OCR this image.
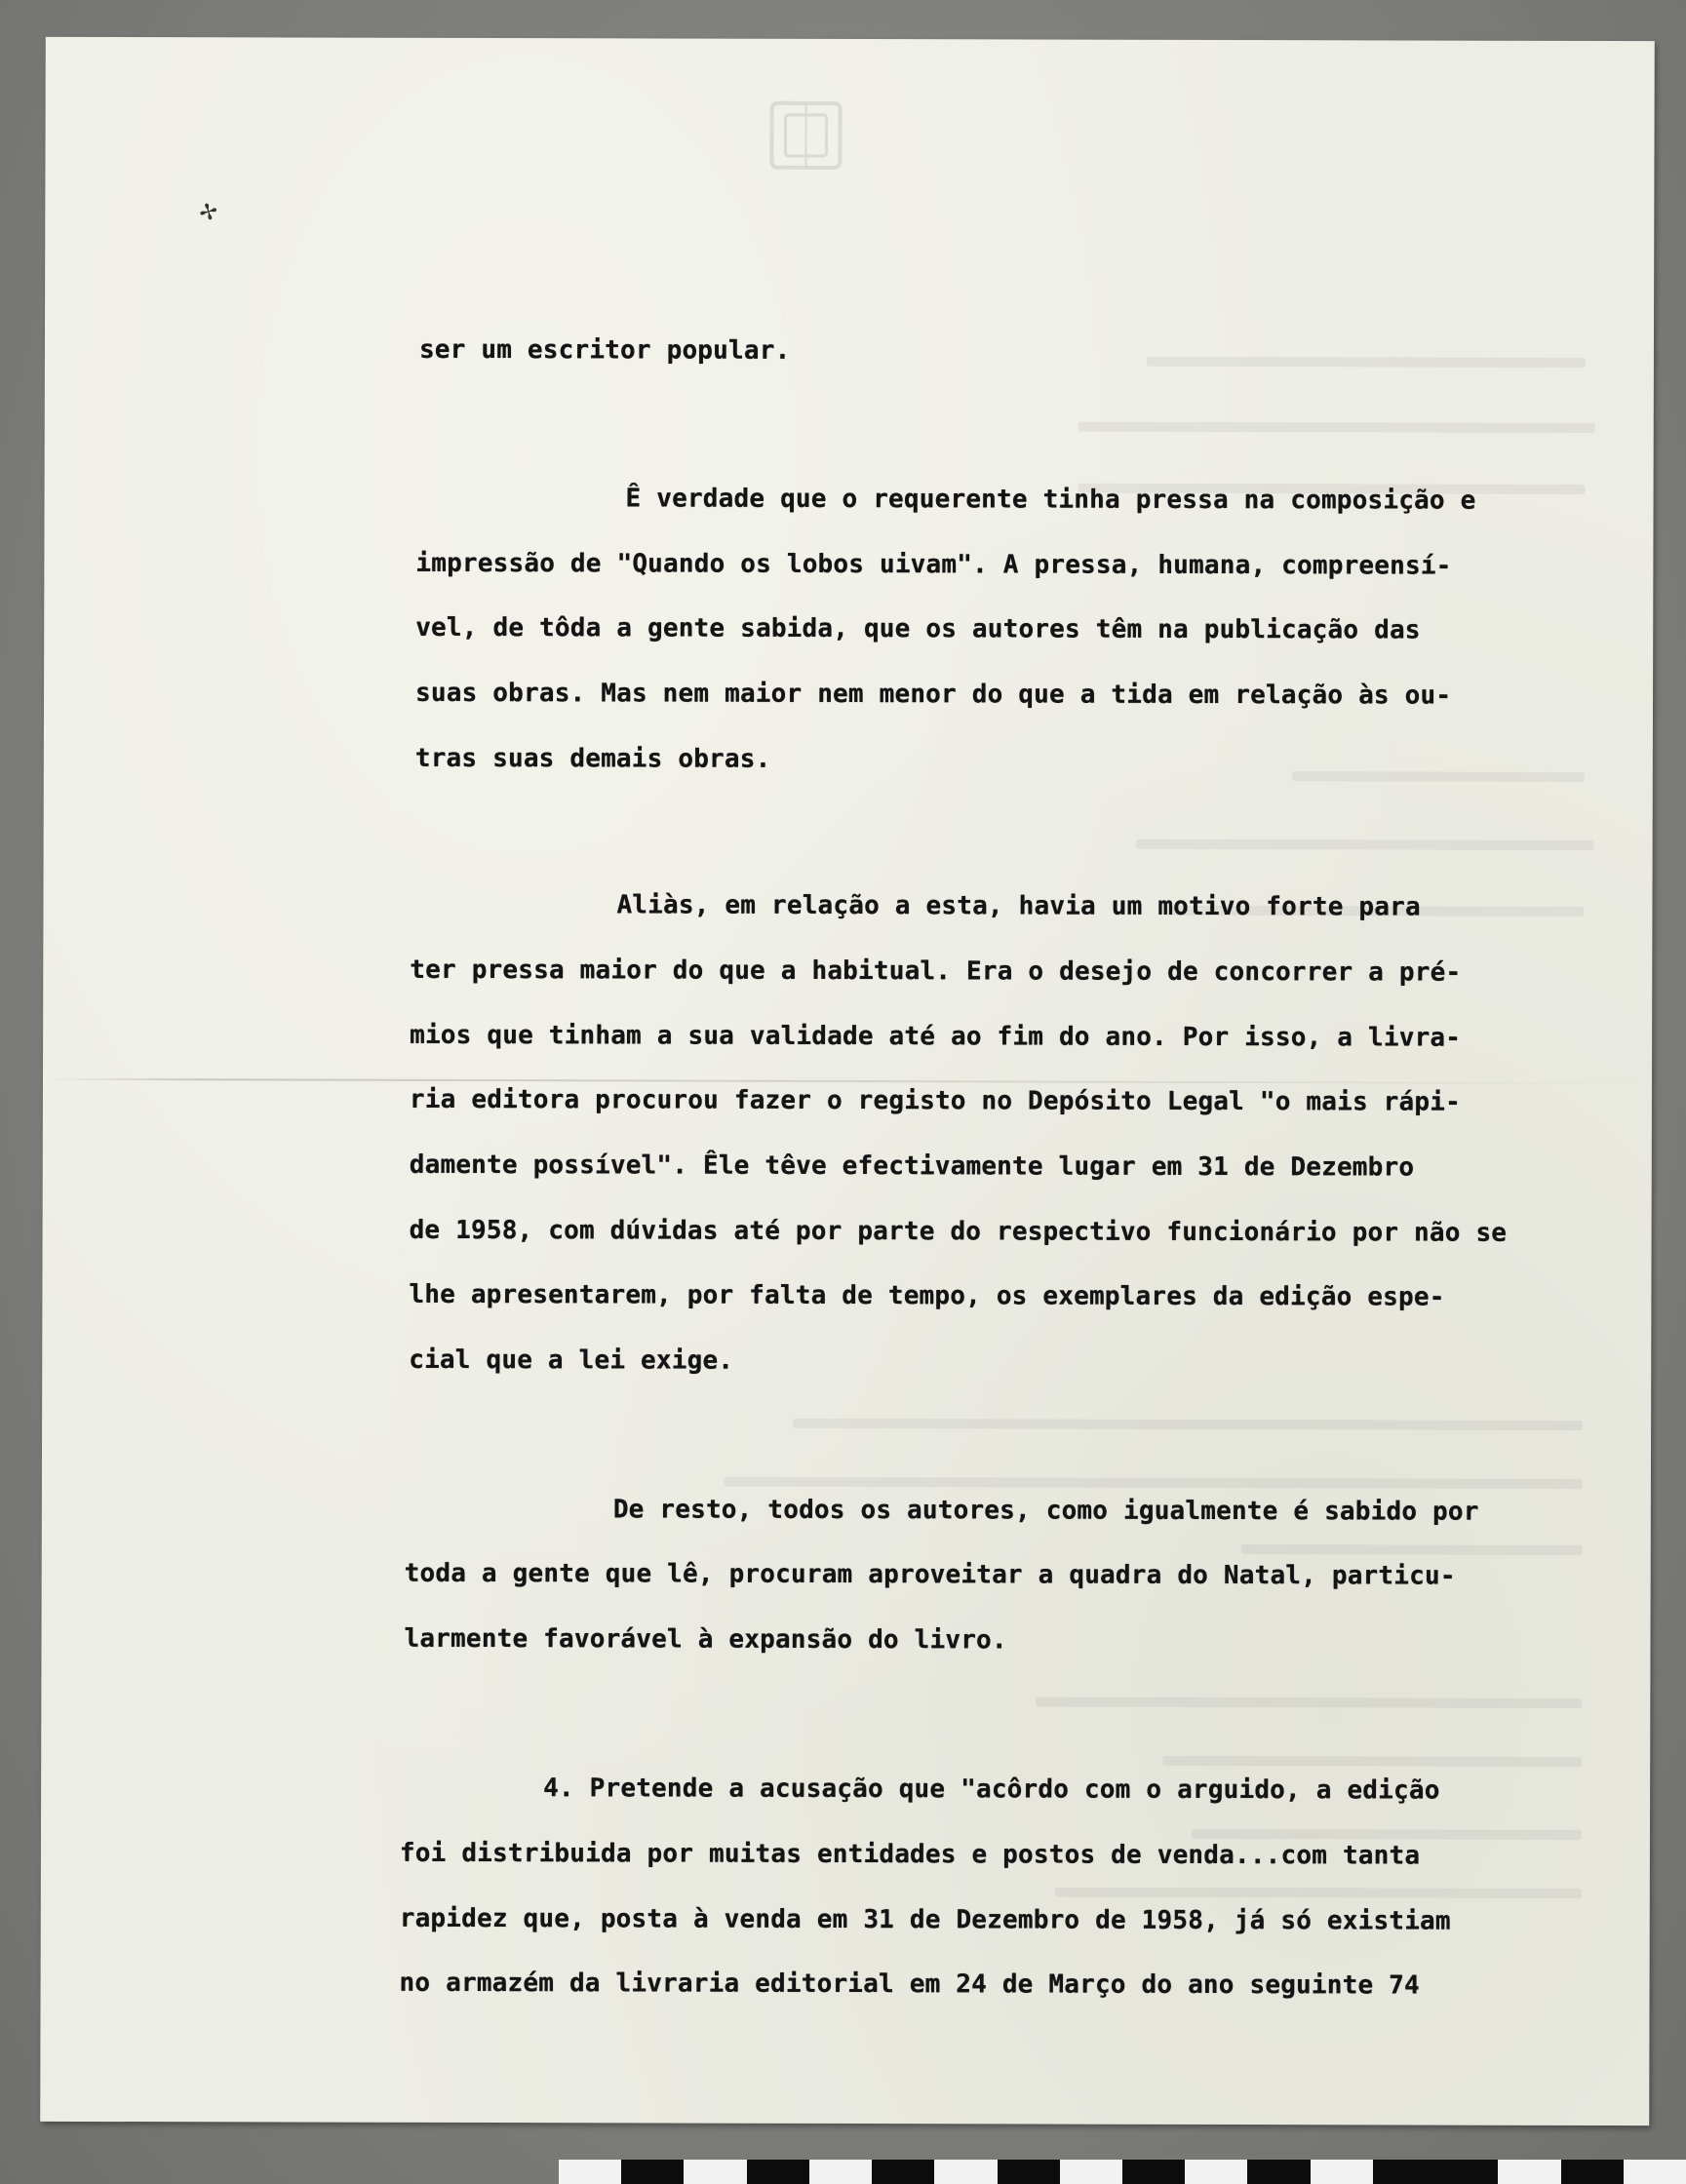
✢
ser um escritor popular.
Ê verdade que o requerente tinha pressa na composição e
impressão de "Quando os lobos uivam". A pressa, humana, compreensí-
vel, de tôda a gente sabida, que os autores têm na publicação das
suas obras. Mas nem maior nem menor do que a tida em relação às ou-
tras suas demais obras.
Aliàs, em relação a esta, havia um motivo forte para
ter pressa maior do que a habitual. Era o desejo de concorrer a pré-
mios que tinham a sua validade até ao fim do ano. Por isso, a livra-
ria editora procurou fazer o registo no Depósito Legal "o mais rápi-
damente possível". Êle têve efectivamente lugar em 31 de Dezembro
de 1958, com dúvidas até por parte do respectivo funcionário por não se
lhe apresentarem, por falta de tempo, os exemplares da edição espe-
cial que a lei exige.
De resto, todos os autores, como igualmente é sabido por
toda a gente que lê, procuram aproveitar a quadra do Natal, particu-
larmente favorável à expansão do livro.
4. Pretende a acusação que "acôrdo com o arguido, a edição
foi distribuida por muitas entidades e postos de venda...com tanta
rapidez que, posta à venda em 31 de Dezembro de 1958, já só existiam
no armazém da livraria editorial em 24 de Março do ano seguinte 74
